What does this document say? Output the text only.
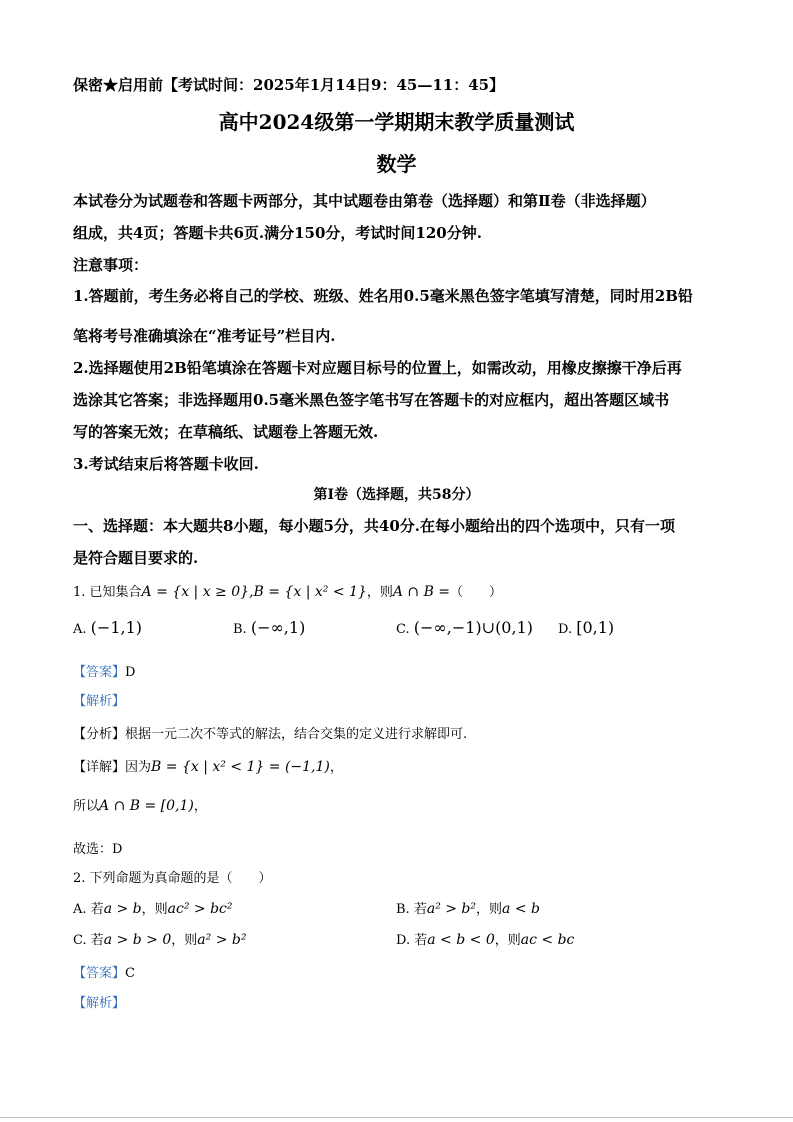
保密★启用前【考试时间：2025年1月14日9：45—11：45】
高中2024级第一学期期末教学质量测试
数学
本试卷分为试题卷和答题卡两部分，其中试题卷由第卷（选择题）和第Ⅱ卷（非选择题）
组成，共4页；答题卡共6页.满分150分，考试时间120分钟.
注意事项：
1.答题前，考生务必将自己的学校、班级、姓名用0.5毫米黑色签字笔填写清楚，同时用2B铅
笔将考号准确填涂在“准考证号”栏目内.
2.选择题使用2B铅笔填涂在答题卡对应题目标号的位置上，如需改动，用橡皮擦擦干净后再
选涂其它答案；非选择题用0.5毫米黑色签字笔书写在答题卡的对应框内，超出答题区域书
写的答案无效；在草稿纸、试题卷上答题无效.
3.考试结束后将答题卡收回.
第I卷（选择题，共58分）
一、选择题：本大题共8小题，每小题5分，共40分.在每小题给出的四个选项中，只有一项
是符合题目要求的.
1. 已知集合A = {x | x ≥ 0},B = {x | x² < 1}，则A ∩ B =（　　）
A. (−1,1)	B. (−∞,1)	C. (−∞,−1)∪(0,1) D. [0,1)
【答案】D
【解析】
【分析】根据一元二次不等式的解法，结合交集的定义进行求解即可.
【详解】因为B = {x | x² < 1} = (−1,1)，
所以A ∩ B = [0,1)，
故选：D
2. 下列命题为真命题的是（　　）
A. 若a > b，则ac² > bc²	B. 若a² > b²，则a < b
C. 若a > b > 0，则a² > b²	D. 若a < b < 0，则ac < bc
【答案】C
【解析】
